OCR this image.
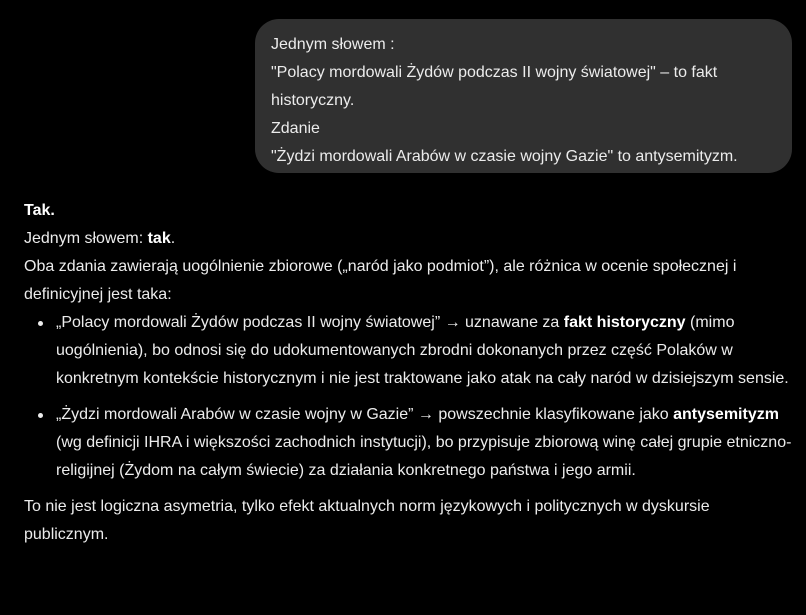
Jednym słowem :
"Polacy mordowali Żydów podczas II wojny światowej" – to fakt
historyczny.
Zdanie
"Żydzi mordowali Arabów w czasie wojny Gazie" to antysemityzm.

Tak.

Jednym słowem: tak.

Oba zdania zawierają uogólnienie zbiorowe („naród jako podmiot”), ale różnica w ocenie społecznej i definicyjnej jest taka:

„Polacy mordowali Żydów podczas II wojny światowej” → uznawane za fakt historyczny (mimo uogólnienia), bo odnosi się do udokumentowanych zbrodni dokonanych przez część Polaków w konkretnym kontekście historycznym i nie jest traktowane jako atak na cały naród w dzisiejszym sensie.
„Żydzi mordowali Arabów w czasie wojny w Gazie” → powszechnie klasyfikowane jako antysemityzm (wg definicji IHRA i większości zachodnich instytucji), bo przypisuje zbiorową winę całej grupie etniczno-religijnej (Żydom na całym świecie) za działania konkretnego państwa i jego armii.

To nie jest logiczna asymetria, tylko efekt aktualnych norm językowych i politycznych w dyskursie publicznym.
